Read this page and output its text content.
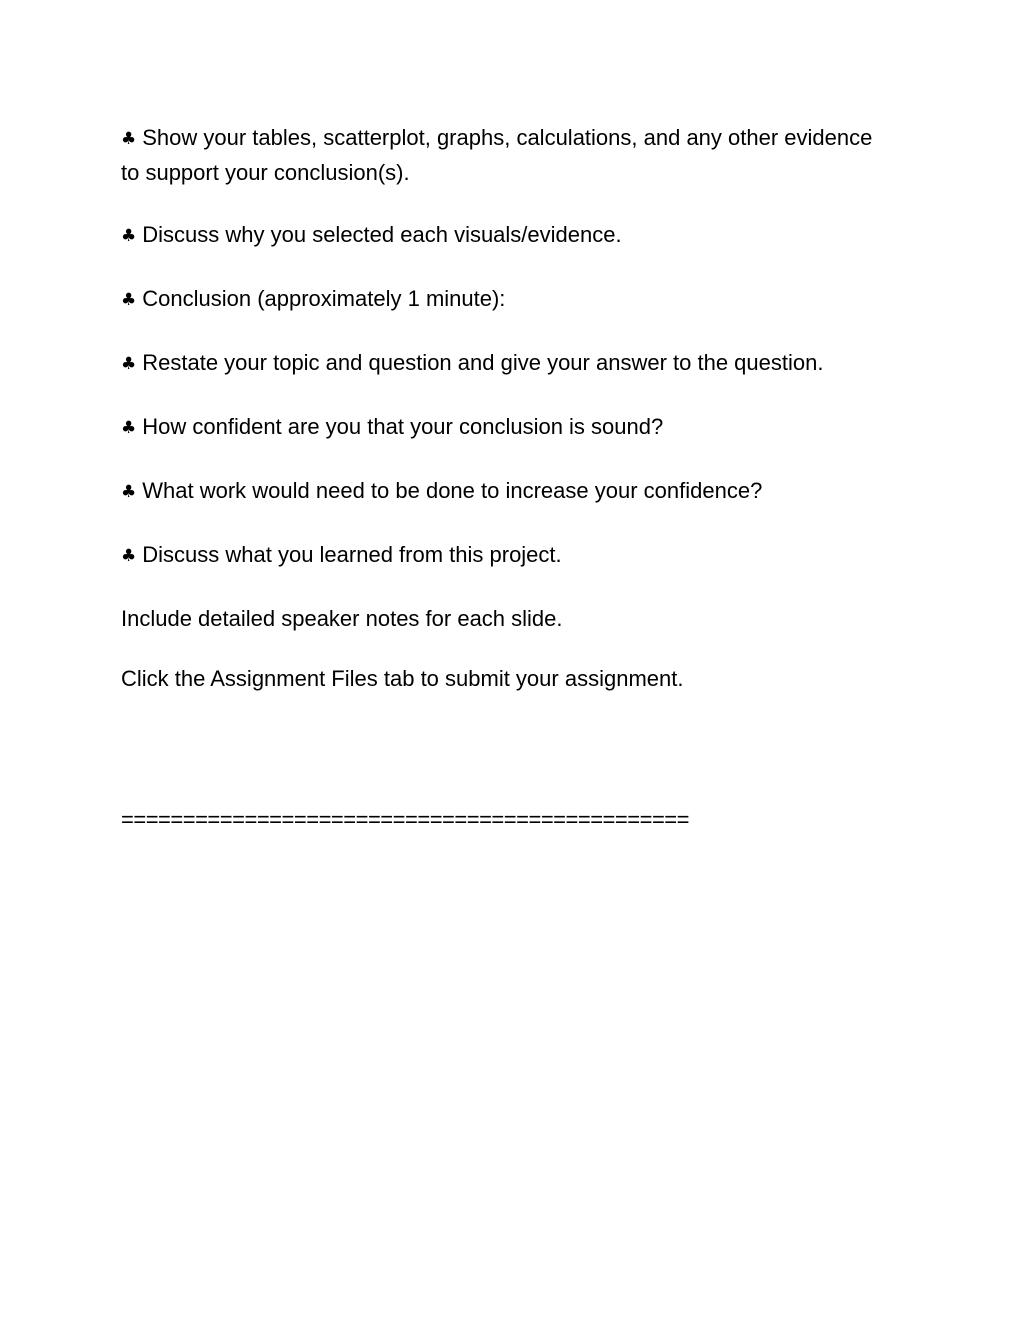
♣ Show your tables, scatterplot, graphs, calculations, and any other evidence to support your conclusion(s).
♣ Discuss why you selected each visuals/evidence.
♣ Conclusion (approximately 1 minute):
♣ Restate your topic and question and give your answer to the question.
♣ How confident are you that your conclusion is sound?
♣ What work would need to be done to increase your confidence?
♣ Discuss what you learned from this project.
Include detailed speaker notes for each slide.
Click the Assignment Files tab to submit your assignment.
==============================================
